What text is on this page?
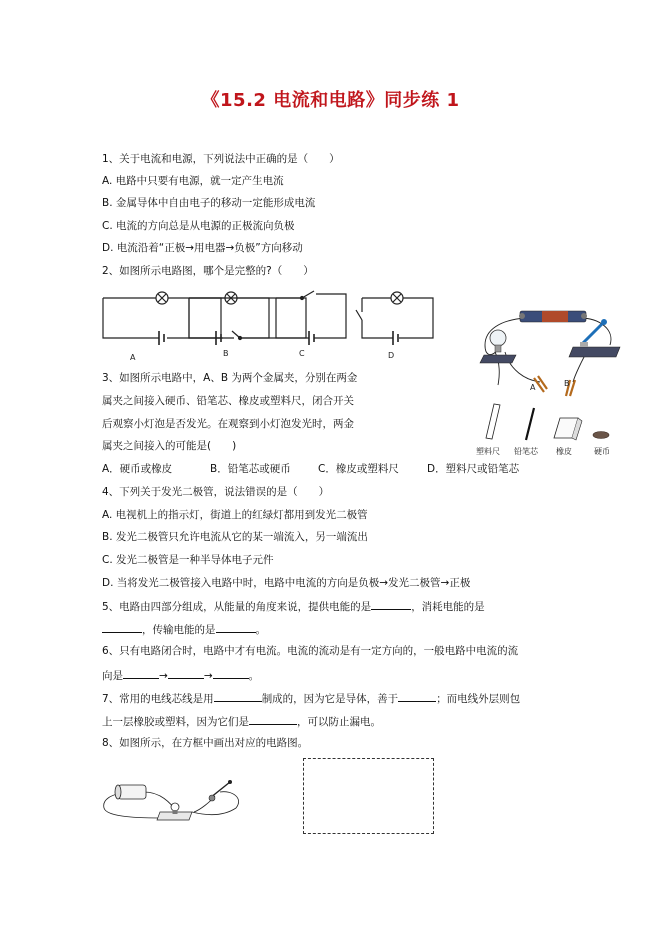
《15.2 电流和电路》同步练 1
1、关于电流和电源，下列说法中正确的是（　　）
A. 电路中只要有电源，就一定产生电流
B. 金属导体中自由电子的移动一定能形成电流
C. 电流的方向总是从电源的正极流向负极
D. 电流沿着“正极→用电器→负极”方向移动
2、如图所示电路图，哪个是完整的?（　　）
A	B	C	D
3、如图所示电路中，A、B 为两个金属夹，分别在两金
属夹之间接入硬币、铅笔芯、橡皮或塑料尺，闭合开关
后观察小灯泡是否发光。在观察到小灯泡发光时，两金
属夹之间接入的可能是(　　)
A．硬币或橡皮	B．铅笔芯或硬币	C．橡皮或塑料尺	D．塑料尺或铅笔芯
A	B
塑料尺 铅笔芯 橡皮	硬币
4、下列关于发光二极管，说法错误的是（　　）
A. 电视机上的指示灯，街道上的红绿灯都用到发光二极管
B. 发光二极管只允许电流从它的某一端流入，另一端流出
C. 发光二极管是一种半导体电子元件
D. 当将发光二极管接入电路中时，电路中电流的方向是负极→发光二极管→正极
5、电路由四部分组成，从能量的角度来说，提供电能的是	，消耗电能的是
，传输电能的是	。
6、只有电路闭合时，电路中才有电流。电流的流动是有一定方向的，一般电路中电流的流
向是	→	→	。
7、常用的电线芯线是用	制成的，因为它是导体，善于	；而电线外层则包
上一层橡胶或塑料，因为它们是	，可以防止漏电。
8、如图所示，在方框中画出对应的电路图。
